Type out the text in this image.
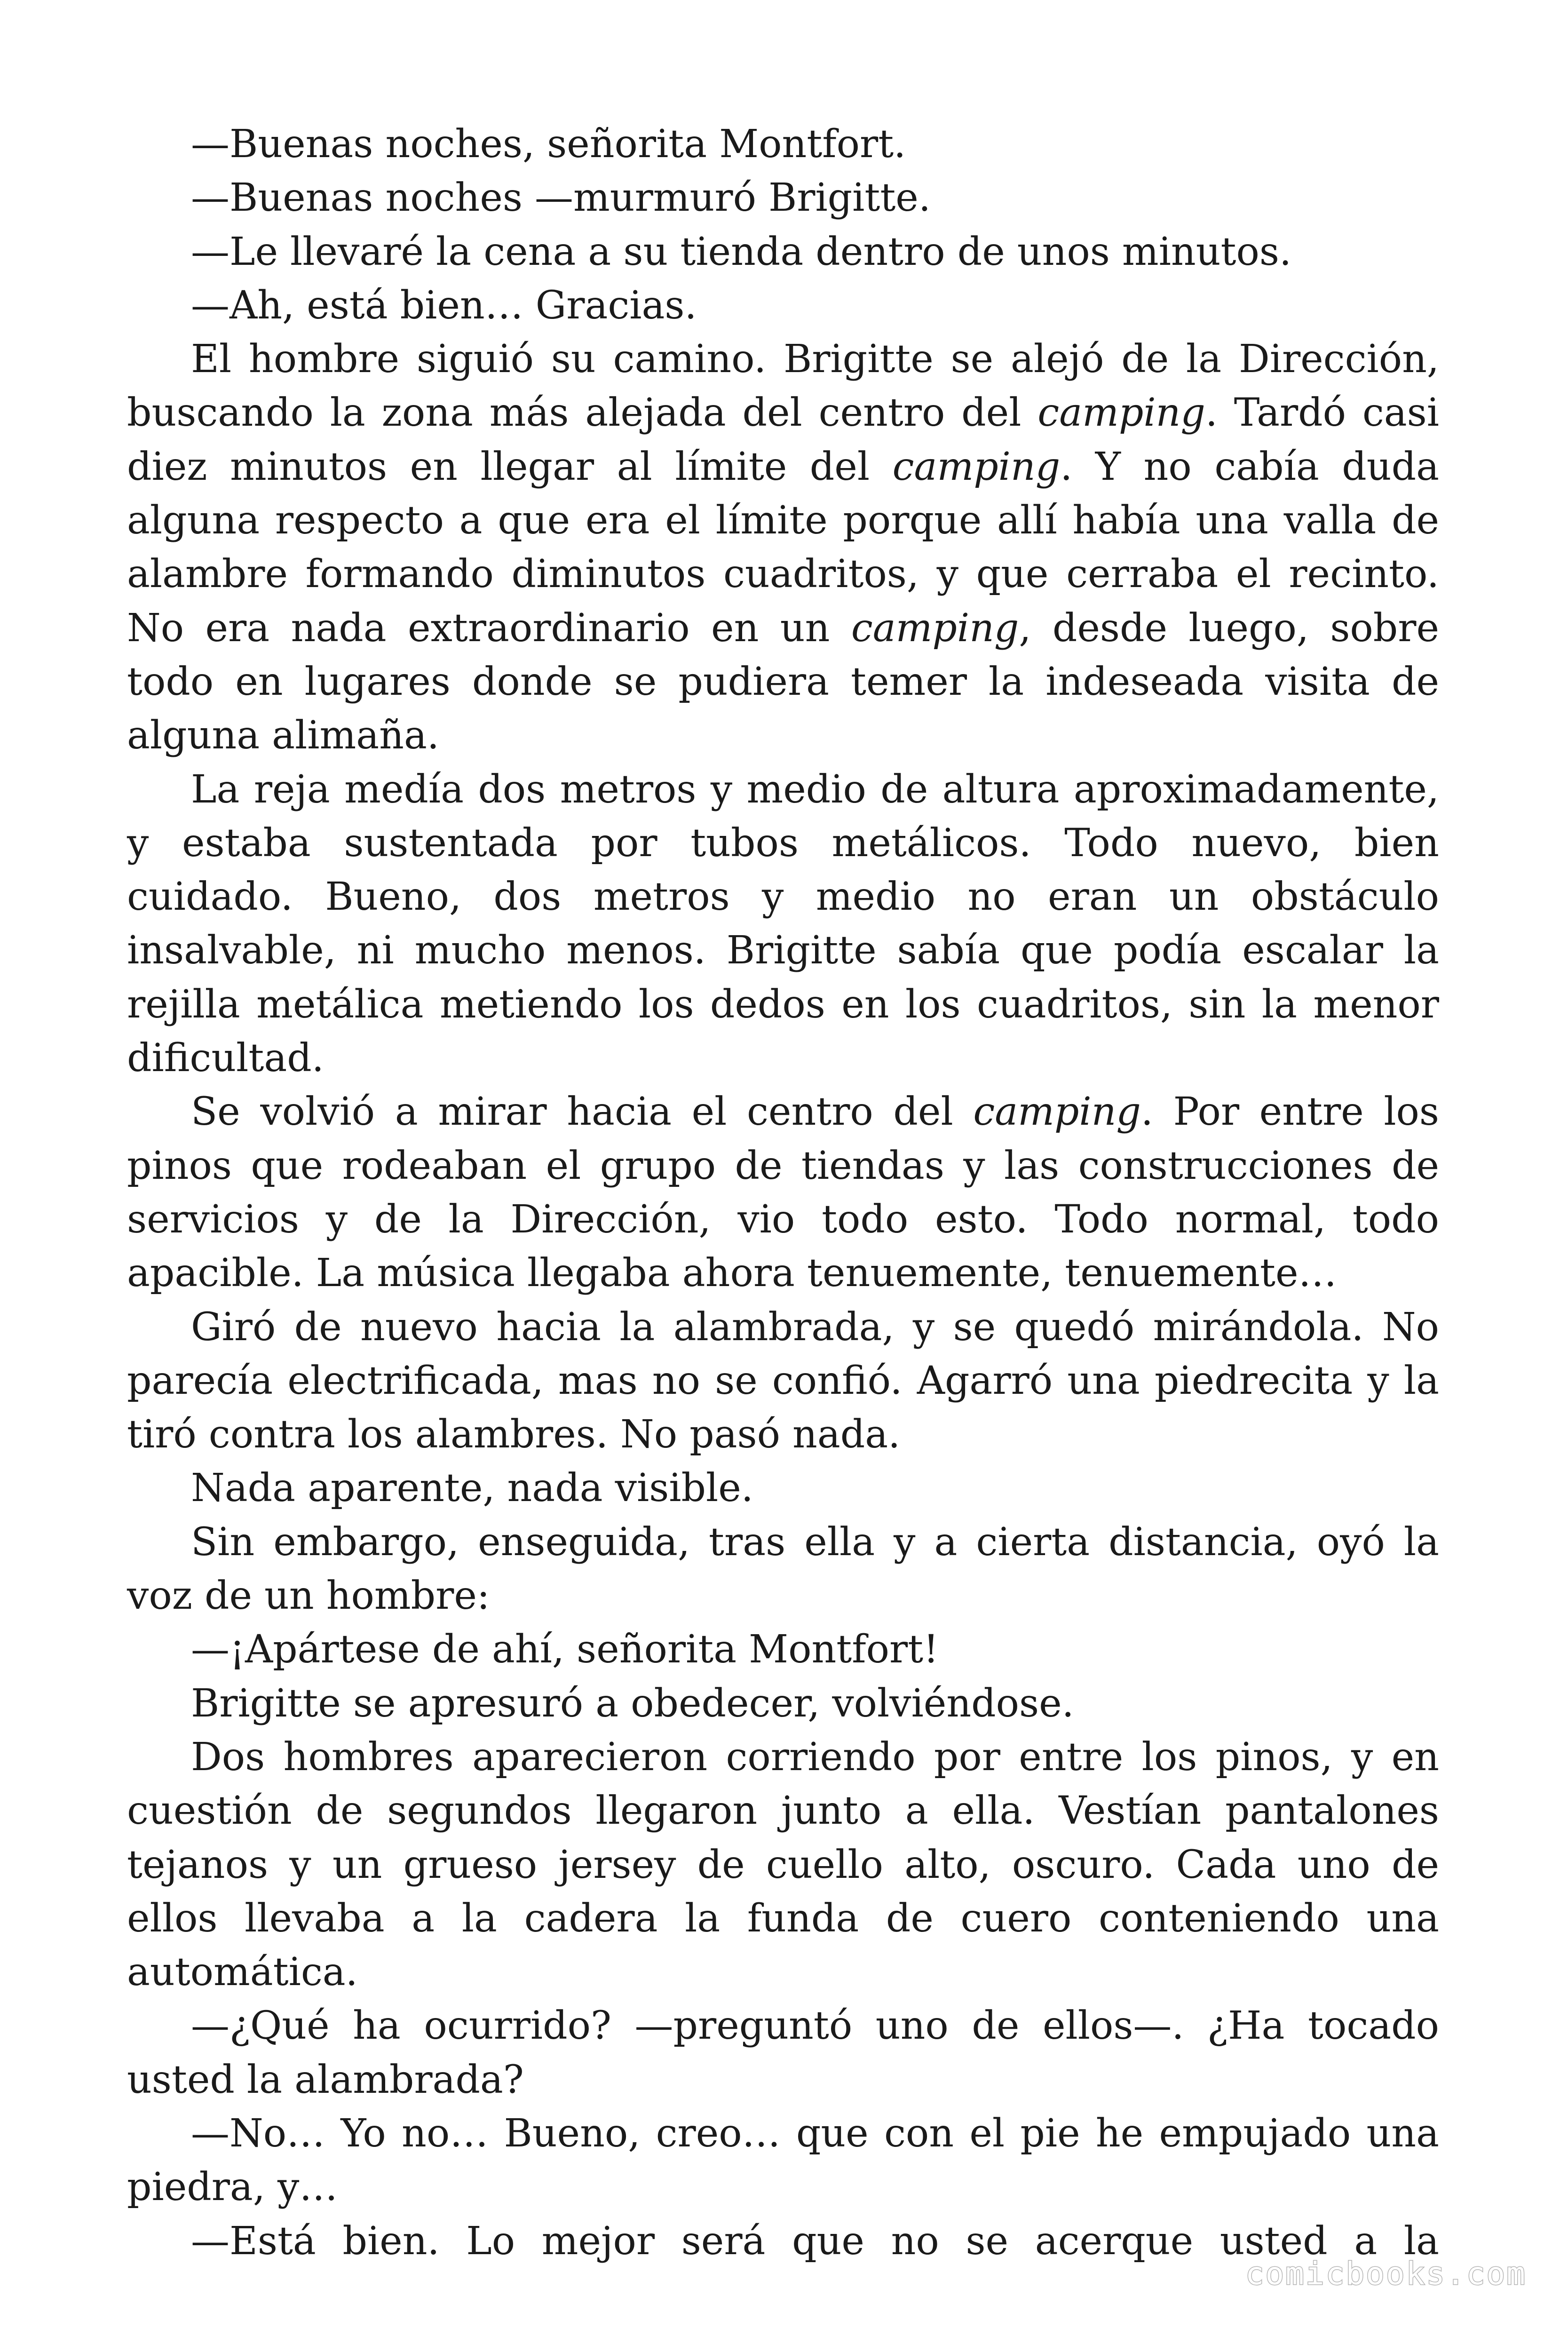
—Buenas noches, señorita Montfort.

—Buenas noches —murmuró Brigitte.

—Le llevaré la cena a su tienda dentro de unos minutos.

—Ah, está bien… Gracias.

El hombre siguió su camino. Brigitte se alejó de la Dirección, buscando la zona más alejada del centro del camping. Tardó casi diez minutos en llegar al límite del camping. Y no cabía duda alguna respecto a que era el límite porque allí había una valla de alambre formando diminutos cuadritos, y que cerraba el recinto. No era nada extraordinario en un camping, desde luego, sobre todo en lugares donde se pudiera temer la indeseada visita de alguna alimaña.

La reja medía dos metros y medio de altura aproximadamente, y estaba sustentada por tubos metálicos. Todo nuevo, bien cuidado. Bueno, dos metros y medio no eran un obstáculo insalvable, ni mucho menos. Brigitte sabía que podía escalar la rejilla metálica metiendo los dedos en los cuadritos, sin la menor dificultad.

Se volvió a mirar hacia el centro del camping. Por entre los pinos que rodeaban el grupo de tiendas y las construcciones de servicios y de la Dirección, vio todo esto. Todo normal, todo apacible. La música llegaba ahora tenuemente, tenuemente…

Giró de nuevo hacia la alambrada, y se quedó mirándola. No parecía electrificada, mas no se confió. Agarró una piedrecita y la tiró contra los alambres. No pasó nada.

Nada aparente, nada visible.

Sin embargo, enseguida, tras ella y a cierta distancia, oyó la voz de un hombre:

—¡Apártese de ahí, señorita Montfort!

Brigitte se apresuró a obedecer, volviéndose.

Dos hombres aparecieron corriendo por entre los pinos, y en cuestión de segundos llegaron junto a ella. Vestían pantalones tejanos y un grueso jersey de cuello alto, oscuro. Cada uno de ellos llevaba a la cadera la funda de cuero conteniendo una automática.

—¿Qué ha ocurrido? —preguntó uno de ellos—. ¿Ha tocado usted la alambrada?

—No… Yo no… Bueno, creo… que con el pie he empujado una piedra, y…

—Está bien. Lo mejor será que no se acerque usted a la

comicbooks.com
